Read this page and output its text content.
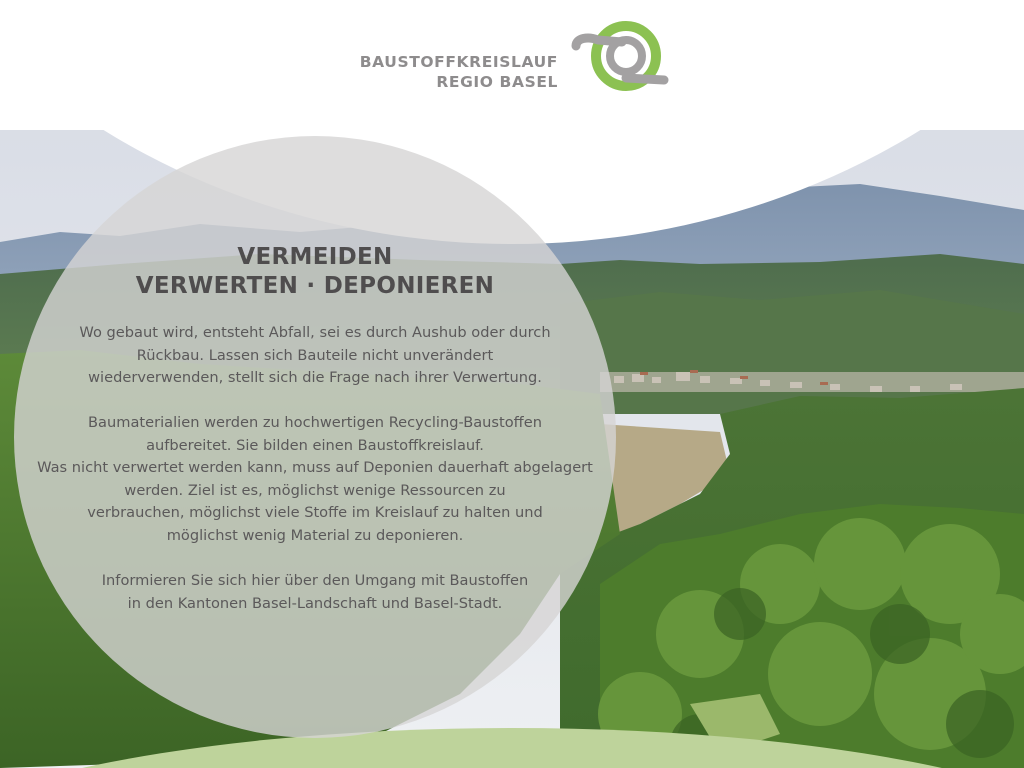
BAUSTOFFKREISLAUF
REGIO BASEL
VERMEIDEN
VERWERTEN · DEPONIEREN

Wo gebaut wird, entsteht Abfall, sei es durch Aushub oder durch
Rückbau. Lassen sich Bauteile nicht unverändert
wiederverwenden, stellt sich die Frage nach ihrer Verwertung.

Baumaterialien werden zu hochwertigen Recycling-Baustoffen
aufbereitet. Sie bilden einen Baustoffkreislauf.
Was nicht verwertet werden kann, muss auf Deponien dauerhaft abgelagert
werden. Ziel ist es, möglichst wenige Ressourcen zu
verbrauchen, möglichst viele Stoffe im Kreislauf zu halten und
möglichst wenig Material zu deponieren.

Informieren Sie sich hier über den Umgang mit Baustoffen
in den Kantonen Basel-Landschaft und Basel-Stadt.
